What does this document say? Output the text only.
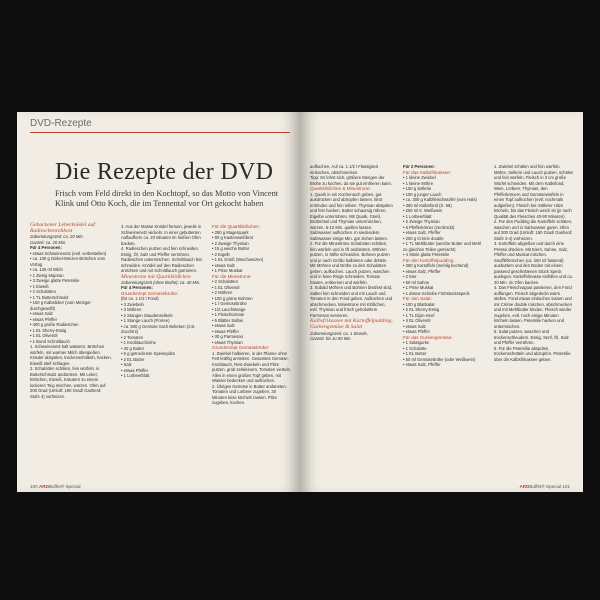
DVD-Rezepte
Die Rezepte der DVD
Frisch vom Feld direkt in den Kochtopf, so das Motto von Vincent Klink und Otto Koch, die im Tennental vor Ort gekocht haben

Gebackener Leberknödel auf Radieschenrohkost

Zubereitungszeit: ca. 20 Min.

Garzeit: ca. 20 Min.

Für 4 Personen:

• etwas Schweinenetz (evtl. vorbestellen)

• ca. 100 g Dinkel-Weizen-Brötchen vom Vortag

• ca. 125 ml Milch

• 1 Zweig Majoran

• 3 Zweige glatte Petersilie

• 1 Eiweiß

• 2 Schalotten

• 1 TL Butterschmalz

• 150 g Kalbsleber (vom Metzger durchgewolft)

• etwas Salz

• etwas Pfeffer

• 400 g große Radieschen

• 1 EL Sherry-Essig

• 1 EL Olivenöl

• 1 Bund Schnittlauch

1. Schweinenetz kalt wässern. Brötchen würfeln, mit warmer Milch übergießen. Kräuter abspülen, trockenschütteln, hacken. Eiweiß steif schlagen.

2. Schalotten schälen, fein würfeln, in Butterschmalz andünsten. Mit Leber, Brötchen, Eiweiß, Kräutern zu einem lockeren Teig mischen, würzen. Ofen auf 200 Grad (Umluft: 190 Grad/ Gasherd: Stufe 4) vorheizen.

3. Aus der Masse Knödel formen, jeweils in Schweinenetz wickeln. In einer gebutterten Auflaufform ca. 20 Minuten im heißen Ofen backen.

4. Radieschen putzen und fein schneiden. Essig, Öl, Salz und Pfeffer verrühren, Radieschen untermischen. Schnittlauch fein schneiden. Knödel auf den Radieschen anrichten und mit Schnittlauch garnieren.

Minestrone mit Quarkklößchen

Zubereitungszeit (ohne Brühe): ca. 40 Min.

Für 4 Personen:

Grundrezept Gemüsebrühe:

(für ca. 1 1/2 l Fond)

• 3 Zwiebeln

• 3 Möhren

• 2 Stangen Staudensellerie

• 1 Stange Lauch (Porree)

• ca. 500 g Gemüse nach Belieben (z.B. Zucchini)

• 2 Tomaten

• 1 Knoblauchzehe

• 30 g Butter

• 5 g getrocknete Speisepilze

• 2 EL Butter

• Salz

• etwas Pfeffer

• 1 Lorbeerblatt

Für die Quarkklößchen:

• 250 g Magerquark

• 60 g Kastenweißbrot

• 2 Zweige Thymian

• 15 g weiche Butter

• 2 Eigelb

• 1 EL Grieß (Weichweizen)

• etwas Salz

• 1 Prise Muskat

Für die Minestrone:

• 2 Schalotten

• 1 EL Olivenöl

• 2 Möhren

• 100 g grüne Bohnen

• 1 l Gemüsebrühe

• 1/2 Lauchstange

• 1 Fleischtomate

• 5 Blätter Salbei

• etwas Salz

• etwas Pfeffer

• 30 g Parmesan

• etwas Thymian

Grundrezept Gemüsebrühe:

1. Zwiebel halbieren, in der Pfanne ohne Fett kräftig anrösten. Gesamtes Gemüse, Knoblauch, Reis-Zwiebeln und Pilze putzen, grob zerkleinern, Tomaten vierteln. Alles in einen großen Topf geben, mit Wasser bedecken und aufkochen.

2. Übriges Gemüse in Butter andünsten. Tomaten und Lorbeer zugeben. 30 Minuten leise köcheln lassen. Pilze zugeben, kochen.

100 ARDBuffet® Special

aufkochen. Auf ca. 1 1/2 l Flüssigkeit einkochen, abschmecken.

Tipp: Es lohnt sich, größere Mengen der Brühe zu kochen, da sie gut einfrieren kann.

Quarkklößchen & Minestrone:

1. Quark in ein Küchentuch geben, gut ausdrücken und abtropfen lassen. Brot entrinden und fein reiben. Thymian abspülen und fein hacken. Butter schaumig rühren, Eigelbe unterrühren. Mit Quark, Grieß, Brotbrösel und Thymian untermischen, würzen. 5-10 Min. quellen lassen. Salzwasser aufkochen. In siedendem Salzwasser einige Min. gar ziehen lassen.

2. Für die Minestrone Schalotten schälen, fein würfeln und in Öl andünsten. Möhren putzen, in Stifte schneiden. Bohnen putzen und je nach Größe halbieren oder dritteln. Mit Möhren und Brühe zu den Schalotten geben, aufkochen. Lauch putzen, waschen und in feine Ringe schneiden. Tomate häuten, entkernen und würfeln.

3. Sobald Möhren und Bohnen bissfest sind, Salbei fein schneiden und mit Lauch und Tomaten in den Fond geben. Aufkochen und abschmecken. Minestrone mit Klößchen, evtl. Thymian und frisch gehobeltem Parmesan servieren.

Kalbsfrikassee mit Kartoffelpudding, Gurkengemüse & Salat

Zubereitungszeit: ca. 1 Stunde,

Garzeit: bis zu 90 Min.

Für 2 Personen:

Für das Kalbsfrikassee:

• 1 kleine Zwiebel

• 1 kleine Möhre

• 100 g Sellerie

• 100 g junger Lauch

• ca. 300 g Kalbfleischwürfel (vom Hals)

• 350 ml Kalbsfond (S. 66)

• 250 ml tr. Weißwein

• 1 Lorbeerblatt

• 2 Zweige Thymian

• 5 Pfefferkörner (zerdrückt)

• etwas Salz, Pfeffer

• 200 g Crème double

• 1 TL Mehlbutter (weiche Butter und Mehl zu gleichen Teilen gemischt)

• 4 Stiele glatte Petersilie

Für den Kartoffelpudding:

• 350 g Kartoffeln (mehlig kochend)

• etwas Salz, Pfeffer

• 2 Eier

• 60 ml Sahne

• 1 Prise Muskat

• 1 dünne Scheibe Frühstücksspeck

Für den Salat:

• 100 g Blattsalat

• 2 EL Sherry-Essig

• 1 TL Dijon-Senf

• 4 EL Olivenöl

• etwas Salz

• etwas Pfeffer

Für das Gurkengemüse:

• 1 Salatgurke

• 1 Schalotte

• 1 EL Butter

• 50 ml Gemüsebrühe (oder Weißwein)

• etwas Salz, Pfeffer

1. Zwiebel schälen und fein würfeln. Möhre, Sellerie und Lauch putzen, schälen und fein würfeln. Fleisch in 3 cm große Würfel schneiden. Mit dem Kalbsfond, Wein, Lorbeer, Thymian, den Pfefferkörnern und Gemüsewürfeln in einen Topf aufkochen (evtl. nochmals aufgießen). Fleisch bei mittlerer Hitze köcheln, bis das Fleisch weich ist (je nach Qualität des Fleisches 40-90 Minuten).

2. Für den Pudding die Kartoffeln schälen, waschen und in Salzwasser garen. Ofen auf 200 Grad (Umluft: 180 Grad/ Gasherd: Stufe 3-4) vorheizen.

3. Kartoffeln abgießen und durch eine Presse drücken. Mit Eiern, Sahne, Salz, Pfeffer und Muskat mischen. Souffléförmchen (ca. 200 ml fassend) ausbuttern und den Boden mit einem passend geschnittenen Stück Speck auslegen. Kartoffelmasse einfüllen und ca. 20 Min. im Ofen backen.

4. Das Fleischragout passieren, den Fond auffangen. Fleisch abgedeckt warm stellen. Fond etwas einkochen lassen und mit Crème double mischen, abschmecken und mit Mehlbutter binden. Fleisch wieder zugeben, evtl. noch einige Minuten köcheln lassen. Petersilie hacken und untermischen.

5. Salat putzen, waschen und trockenschleudern. Essig, Senf, Öl, Salz und Pfeffer verrühren.

6. Für die Petersilie abspülen, trockenschütteln und abzupfen. Petersilie über die Kalbsfrikassee geben.

ARDBuffet® Special 101
